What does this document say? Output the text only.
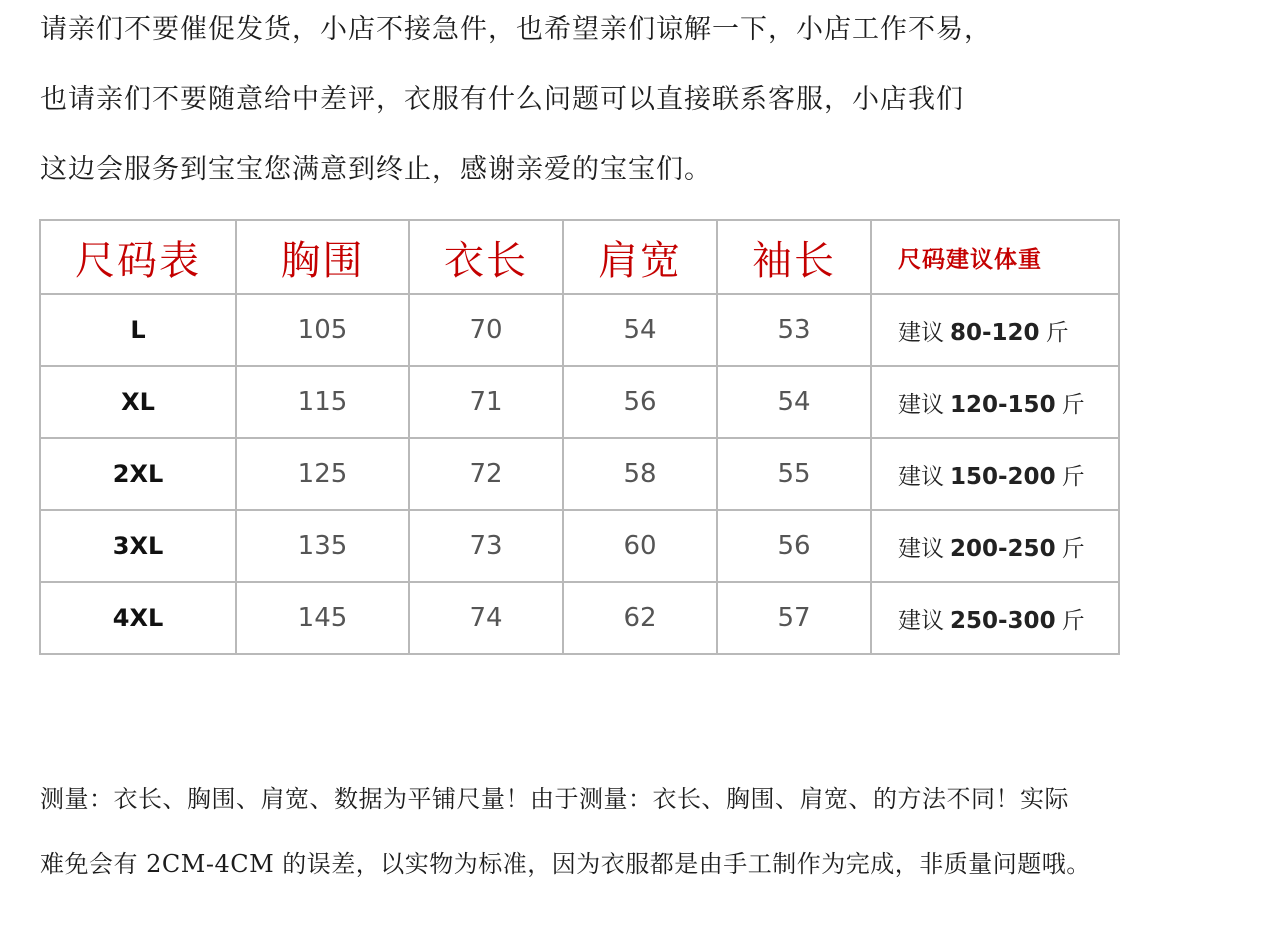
请亲们不要催促发货，小店不接急件，也希望亲们谅解一下，小店工作不易，
也请亲们不要随意给中差评，衣服有什么问题可以直接联系客服，小店我们
这边会服务到宝宝您满意到终止，感谢亲爱的宝宝们。
尺码表	胸围	衣长	肩宽	袖长	尺码建议体重
L	105	70	54	53	建议 80-120 斤
XL	115	71	56	54	建议 120-150 斤
2XL	125	72	58	55	建议 150-200 斤
3XL	135	73	60	56	建议 200-250 斤
4XL	145	74	62	57	建议 250-300 斤
测量：衣长、胸围、肩宽、数据为平铺尺量！由于测量：衣长、胸围、肩宽、的方法不同！实际
难免会有 2CM-4CM 的误差，以实物为标准，因为衣服都是由手工制作为完成，非质量问题哦。
